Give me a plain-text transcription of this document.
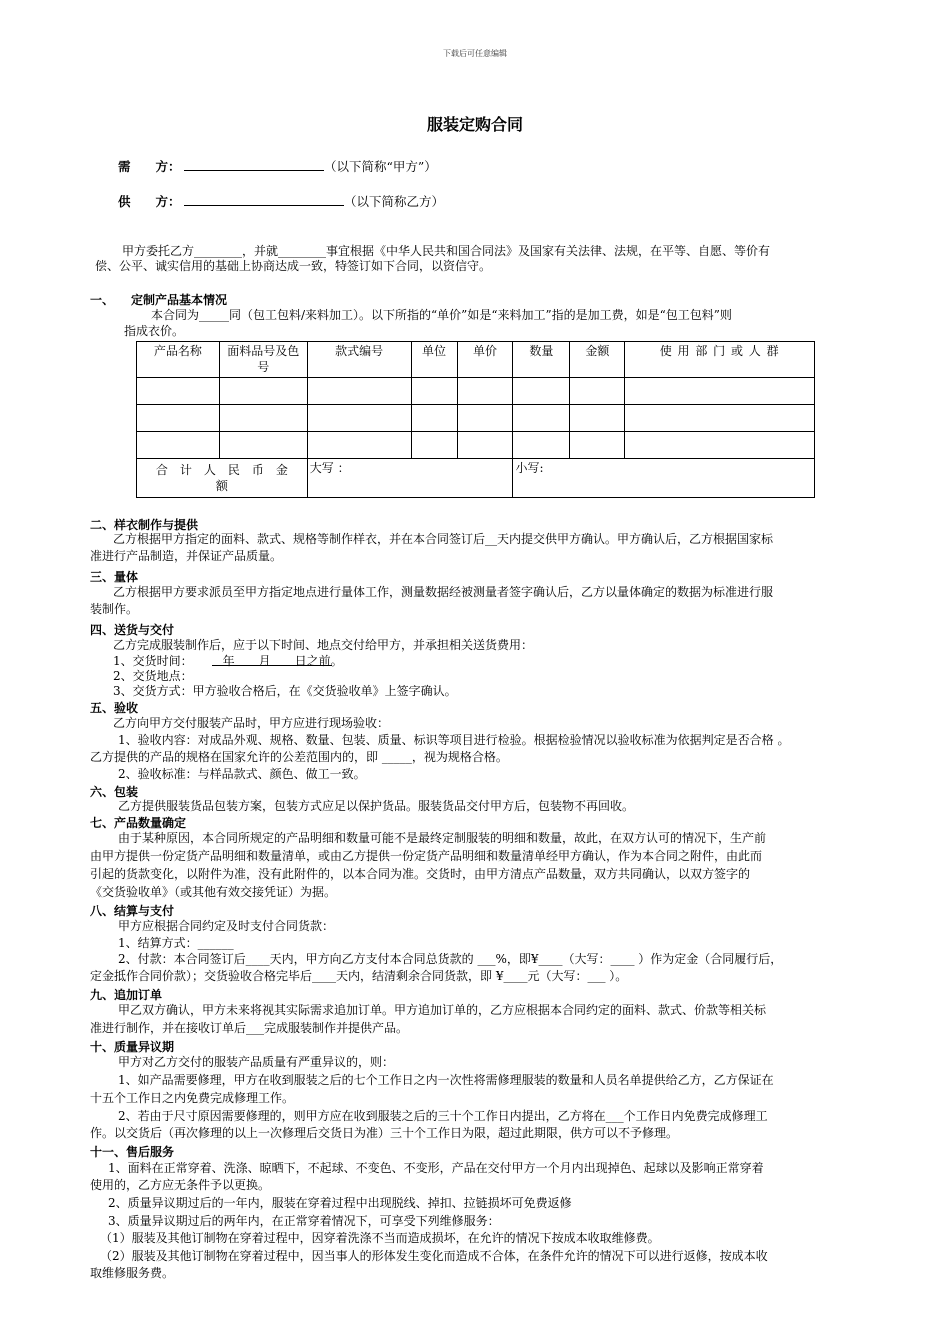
下载后可任意编辑
服装定购合同
需　　方：	（以下简称“甲方”）
供　　方：	（以下简称乙方）
甲方委托乙方________，并就________事宜根据《中华人民共和国合同法》及国家有关法律、法规，在平等、自愿、等价有
偿、公平、诚实信用的基础上协商达成一致，特签订如下合同，以资信守。
一、 定制产品基本情况
本合同为_____同（包工包料/来料加工）。以下所指的“单价”如是“来料加工”指的是加工费，如是“包工包料”则
指成衣价。
产品名称	面料品号及色号	款式编号	单位	单价	数量	金额	使 用 部 门 或 人 群

合　计　人　民　币　金　额		大写 ：			小写:		
二、样衣制作与提供
乙方根据甲方指定的面料、款式、规格等制作样衣，并在本合同签订后__天内提交供甲方确认。甲方确认后，乙方根据国家标
准进行产品制造，并保证产品质量。
三、量体
乙方根据甲方要求派员至甲方指定地点进行量体工作，测量数据经被测量者签字确认后，乙方以量体确定的数据为标准进行服
装制作。
四、送货与交付
乙方完成服装制作后，应于以下时间、地点交付给甲方，并承担相关送货费用：
1、交货时间：　　　年　　月　　日之前。
2、交货地点：
3、交货方式：甲方验收合格后，在《交货验收单》上签字确认。
五、验收
乙方向甲方交付服装产品时，甲方应进行现场验收：
1、验收内容：对成品外观、规格、数量、包装、质量、标识等项目进行检验。根据检验情况以验收标准为依据判定是否合格 。
乙方提供的产品的规格在国家允许的公差范围内的，即 _____，视为规格合格。
2、验收标准：与样品款式、颜色、做工一致。
六、包装
乙方提供服装货品包装方案，包装方式应足以保护货品。服装货品交付甲方后，包装物不再回收。
七、产品数量确定
由于某种原因，本合同所规定的产品明细和数量可能不是最终定制服装的明细和数量，故此，在双方认可的情况下，生产前
由甲方提供一份定货产品明细和数量清单，或由乙方提供一份定货产品明细和数量清单经甲方确认，作为本合同之附件，由此而
引起的货款变化，以附件为准，没有此附件的，以本合同为准。交货时，由甲方清点产品数量，双方共同确认，以双方签字的
《交货验收单》（或其他有效交接凭证）为据。
八、结算与支付
甲方应根据合同约定及时支付合同货款：
1、结算方式：______
2、付款：本合同签订后____天内，甲方向乙方支付本合同总货款的 ___%，即¥____（大写：____ ）作为定金（合同履行后，
定金抵作合同价款）；交货验收合格完毕后____天内，结清剩余合同货款，即 ¥____元（大写：___ ）。
九、追加订单
甲乙双方确认，甲方未来将视其实际需求追加订单。甲方追加订单的，乙方应根据本合同约定的面料、款式、价款等相关标
准进行制作，并在接收订单后___完成服装制作并提供产品。
十、质量异议期
甲方对乙方交付的服装产品质量有严重异议的，则：
1、如产品需要修理，甲方在收到服装之后的七个工作日之内一次性将需修理服装的数量和人员名单提供给乙方，乙方保证在
十五个工作日之内免费完成修理工作。
2、若由于尺寸原因需要修理的，则甲方应在收到服装之后的三十个工作日内提出，乙方将在___个工作日内免费完成修理工
作。以交货后（再次修理的以上一次修理后交货日为准）三十个工作日为限，超过此期限，供方可以不予修理。
十一、售后服务
1、面料在正常穿着、洗涤、晾晒下，不起球、不变色、不变形，产品在交付甲方一个月内出现掉色、起球以及影响正常穿着
使用的，乙方应无条件予以更换。
2、质量异议期过后的一年内，服装在穿着过程中出现脱线、掉扣、拉链损坏可免费返修
3、质量异议期过后的两年内，在正常穿着情况下，可享受下列维修服务：
（1）服装及其他订制物在穿着过程中，因穿着洗涤不当而造成损坏，在允许的情况下按成本收取维修费。
（2）服装及其他订制物在穿着过程中，因当事人的形体发生变化而造成不合体，在条件允许的情况下可以进行返修，按成本收
取维修服务费。
